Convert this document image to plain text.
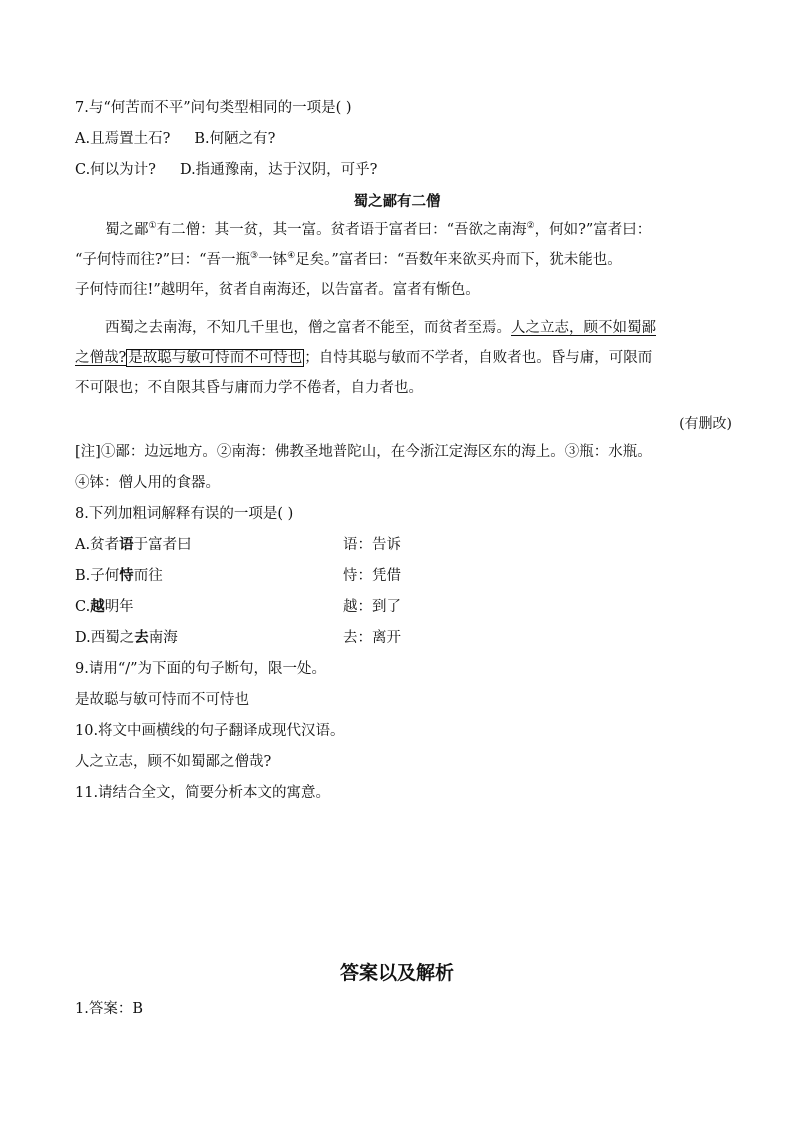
7.与“何苦而不平”问句类型相同的一项是( )
A.且焉置土石? B.何陋之有?
C.何以为计? D.指通豫南，达于汉阴，可乎?
蜀之鄙有二僧
蜀之鄙①有二僧：其一贫，其一富。贫者语于富者曰：“吾欲之南海②，何如?”富者曰：
“子何恃而往?”曰：“吾一瓶③一钵④足矣。”富者曰：“吾数年来欲买舟而下，犹未能也。
子何恃而往!”越明年，贫者自南海还，以告富者。富者有惭色。
西蜀之去南海，不知几千里也，僧之富者不能至，而贫者至焉。人之立志，顾不如蜀鄙
之僧哉? 是故聪与敏可恃而不可恃也 ；自恃其聪与敏而不学者，自败者也。昏与庸，可限而
不可限也；不自限其昏与庸而力学不倦者，自力者也。
(有删改)
[注]①鄙：边远地方。②南海：佛教圣地普陀山，在今浙江定海区东的海上。③瓶：水瓶。
④钵：僧人用的食器。
8.下列加粗词解释有误的一项是( )
A.贫者语于富者曰	语：告诉
B.子何恃而往	恃：凭借
C.越明年	越：到了
D.西蜀之去南海	去：离开
9.请用“/”为下面的句子断句，限一处。
是故聪与敏可恃而不可恃也
10.将文中画横线的句子翻译成现代汉语。
人之立志，顾不如蜀鄙之僧哉?
11.请结合全文，简要分析本文的寓意。
答案以及解析
1.答案：B
